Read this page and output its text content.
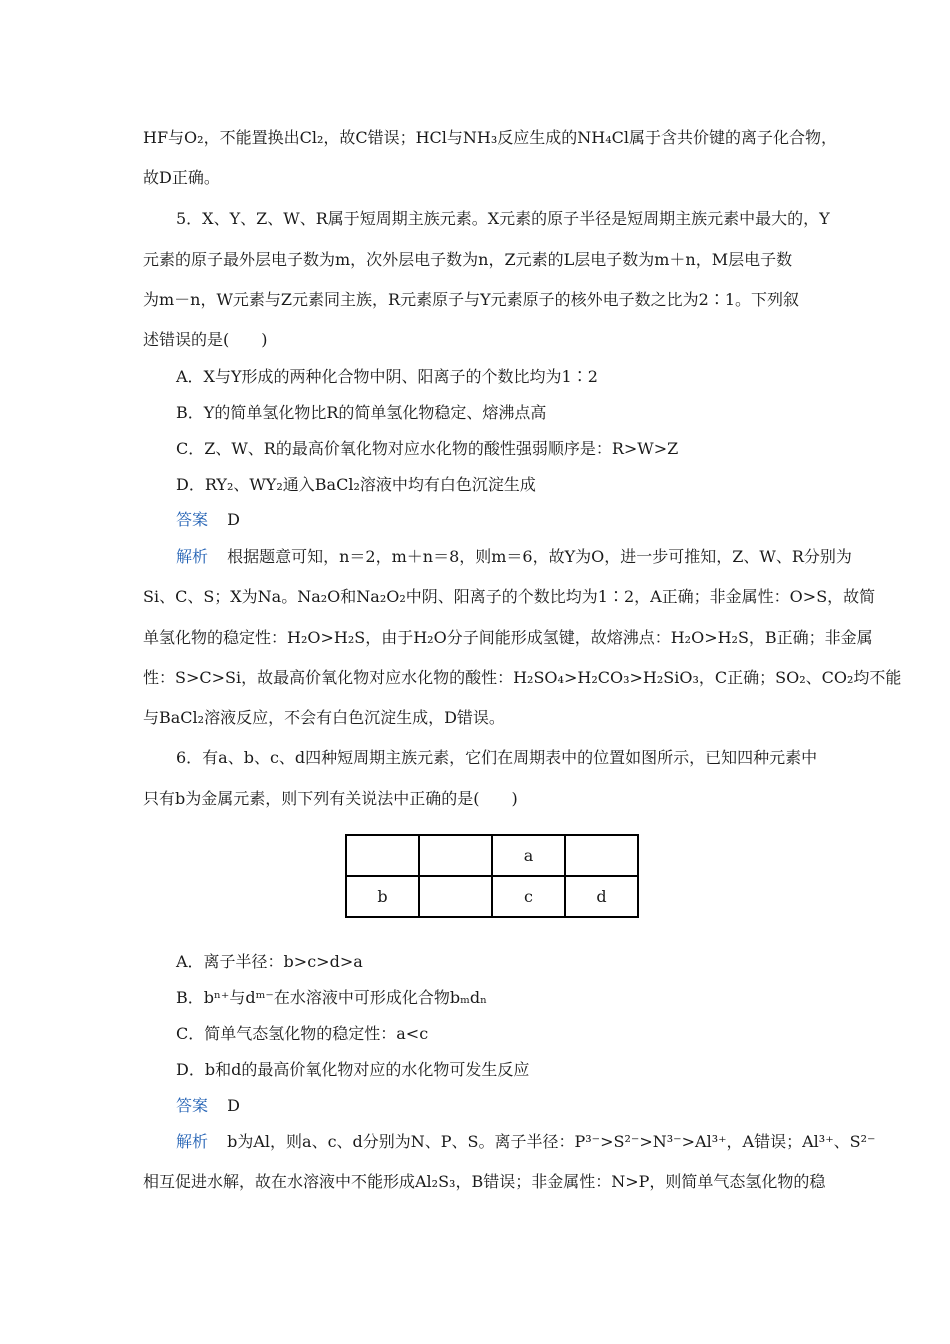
HF与O₂，不能置换出Cl₂，故C错误；HCl与NH₃反应生成的NH₄Cl属于含共价键的离子化合物，
故D正确。
5．X、Y、Z、W、R属于短周期主族元素。X元素的原子半径是短周期主族元素中最大的，Y
元素的原子最外层电子数为m，次外层电子数为n，Z元素的L层电子数为m＋n，M层电子数
为m－n，W元素与Z元素同主族，R元素原子与Y元素原子的核外电子数之比为2∶1。下列叙
述错误的是(　　)
A．X与Y形成的两种化合物中阴、阳离子的个数比均为1∶2
B．Y的简单氢化物比R的简单氢化物稳定、熔沸点高
C．Z、W、R的最高价氧化物对应水化物的酸性强弱顺序是：R>W>Z
D．RY₂、WY₂通入BaCl₂溶液中均有白色沉淀生成
答案 D
解析 根据题意可知，n＝2，m＋n＝8，则m＝6，故Y为O，进一步可推知，Z、W、R分别为
Si、C、S；X为Na。Na₂O和Na₂O₂中阴、阳离子的个数比均为1∶2，A正确；非金属性：O>S，故简
单氢化物的稳定性：H₂O>H₂S，由于H₂O分子间能形成氢键，故熔沸点：H₂O>H₂S，B正确；非金属
性：S>C>Si，故最高价氧化物对应水化物的酸性：H₂SO₄>H₂CO₃>H₂SiO₃，C正确；SO₂、CO₂均不能
与BaCl₂溶液反应，不会有白色沉淀生成，D错误。
6．有a、b、c、d四种短周期主族元素，它们在周期表中的位置如图所示，已知四种元素中
只有b为金属元素，则下列有关说法中正确的是(　　)
		a	
b		c	d
A．离子半径：b>c>d>a
B．bⁿ⁺与dᵐ⁻在水溶液中可形成化合物bₘdₙ
C．简单气态氢化物的稳定性：a<c
D．b和d的最高价氧化物对应的水化物可发生反应
答案 D
解析 b为Al，则a、c、d分别为N、P、S。离子半径：P³⁻>S²⁻>N³⁻>Al³⁺，A错误；Al³⁺、S²⁻
相互促进水解，故在水溶液中不能形成Al₂S₃，B错误；非金属性：N>P，则简单气态氢化物的稳
